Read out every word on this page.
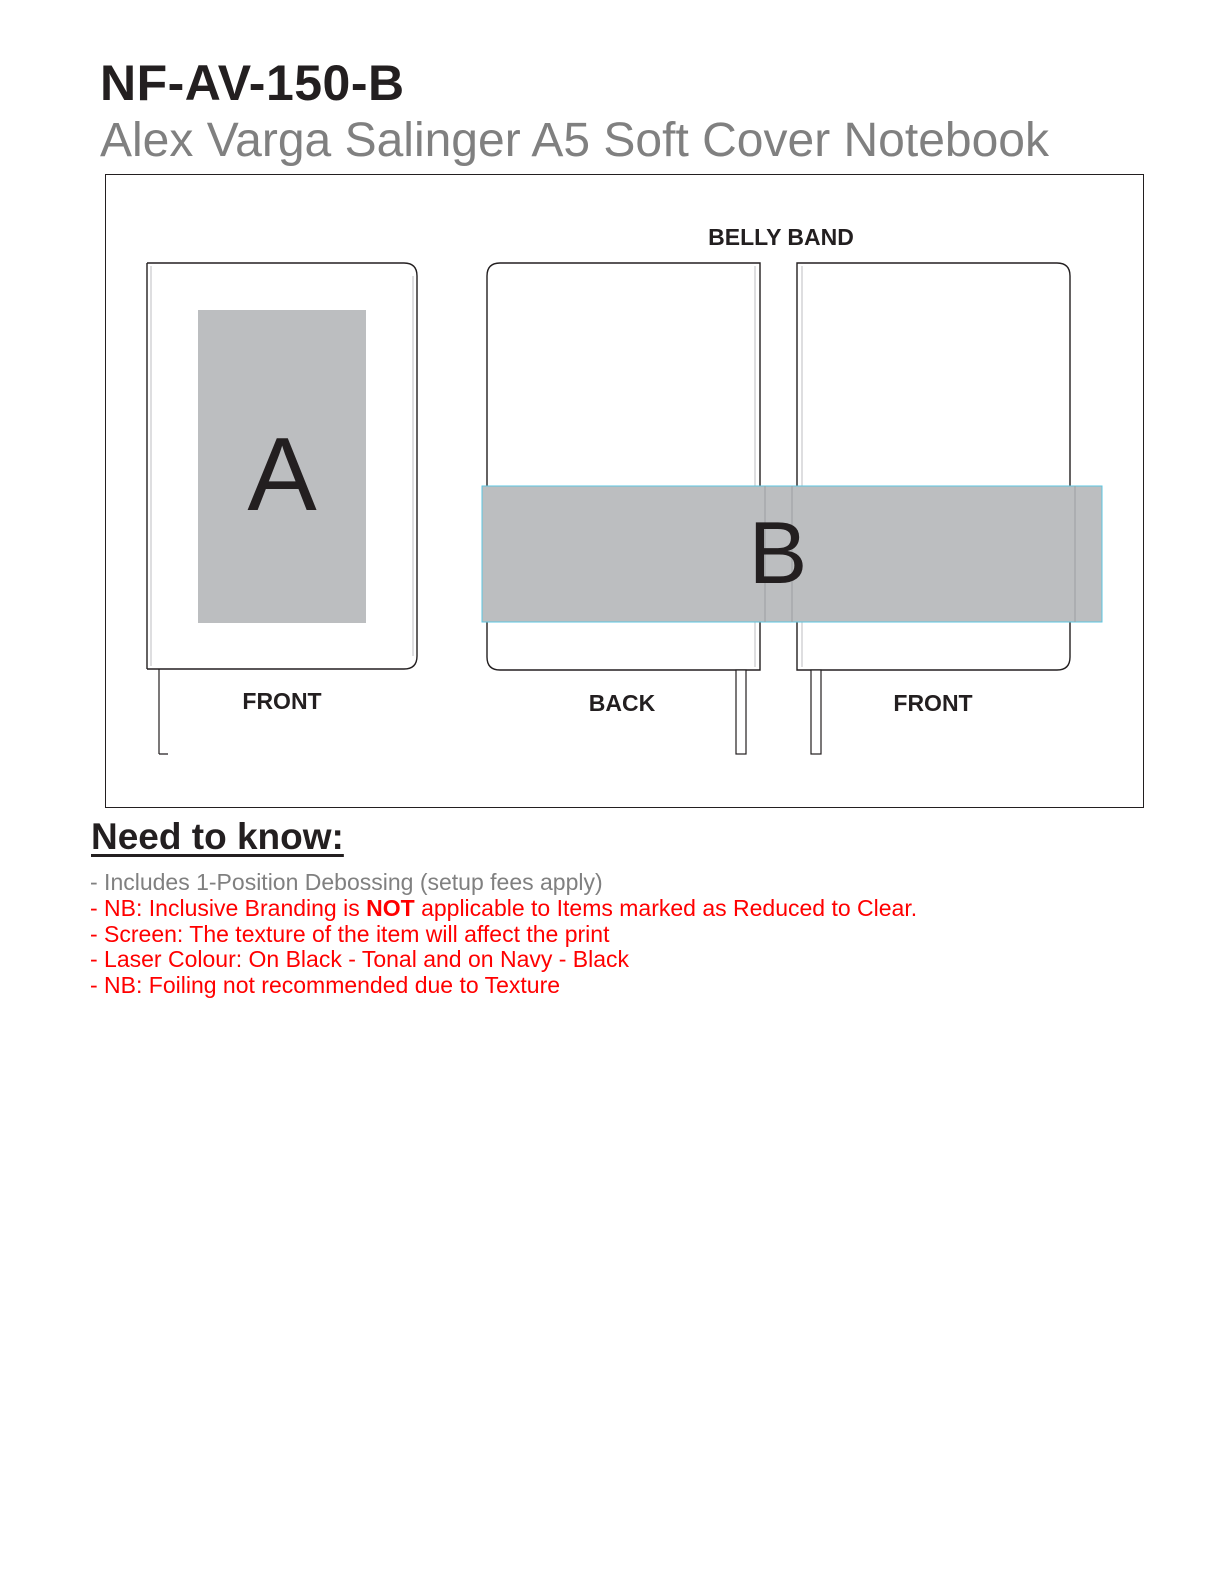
NF-AV-150-B
Alex Varga Salinger A5 Soft Cover Notebook
A
FRONT
BELLY BAND
B
BACK	FRONT
Need to know:
- Includes 1-Position Debossing (setup fees apply)
- NB: Inclusive Branding is NOT applicable to Items marked as Reduced to Clear.
- Screen: The texture of the item will affect the print
- Laser Colour: On Black - Tonal and on Navy - Black
- NB: Foiling not recommended due to Texture
